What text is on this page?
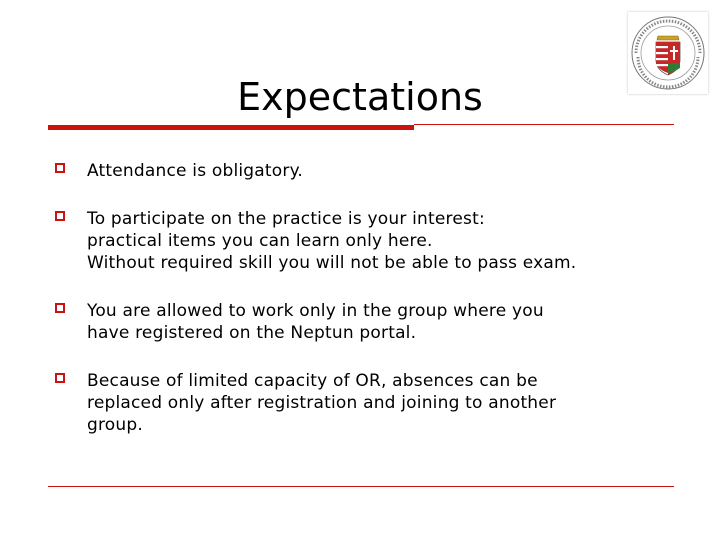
Expectations
Attendance is obligatory.
To participate on the practice is your interest:
practical items you can learn only here.
Without required skill you will not be able to pass exam.
You are allowed to work only in the group where you
have registered on the Neptun portal.
Because of limited capacity of OR, absences can be
replaced only after registration and joining to another
group.
